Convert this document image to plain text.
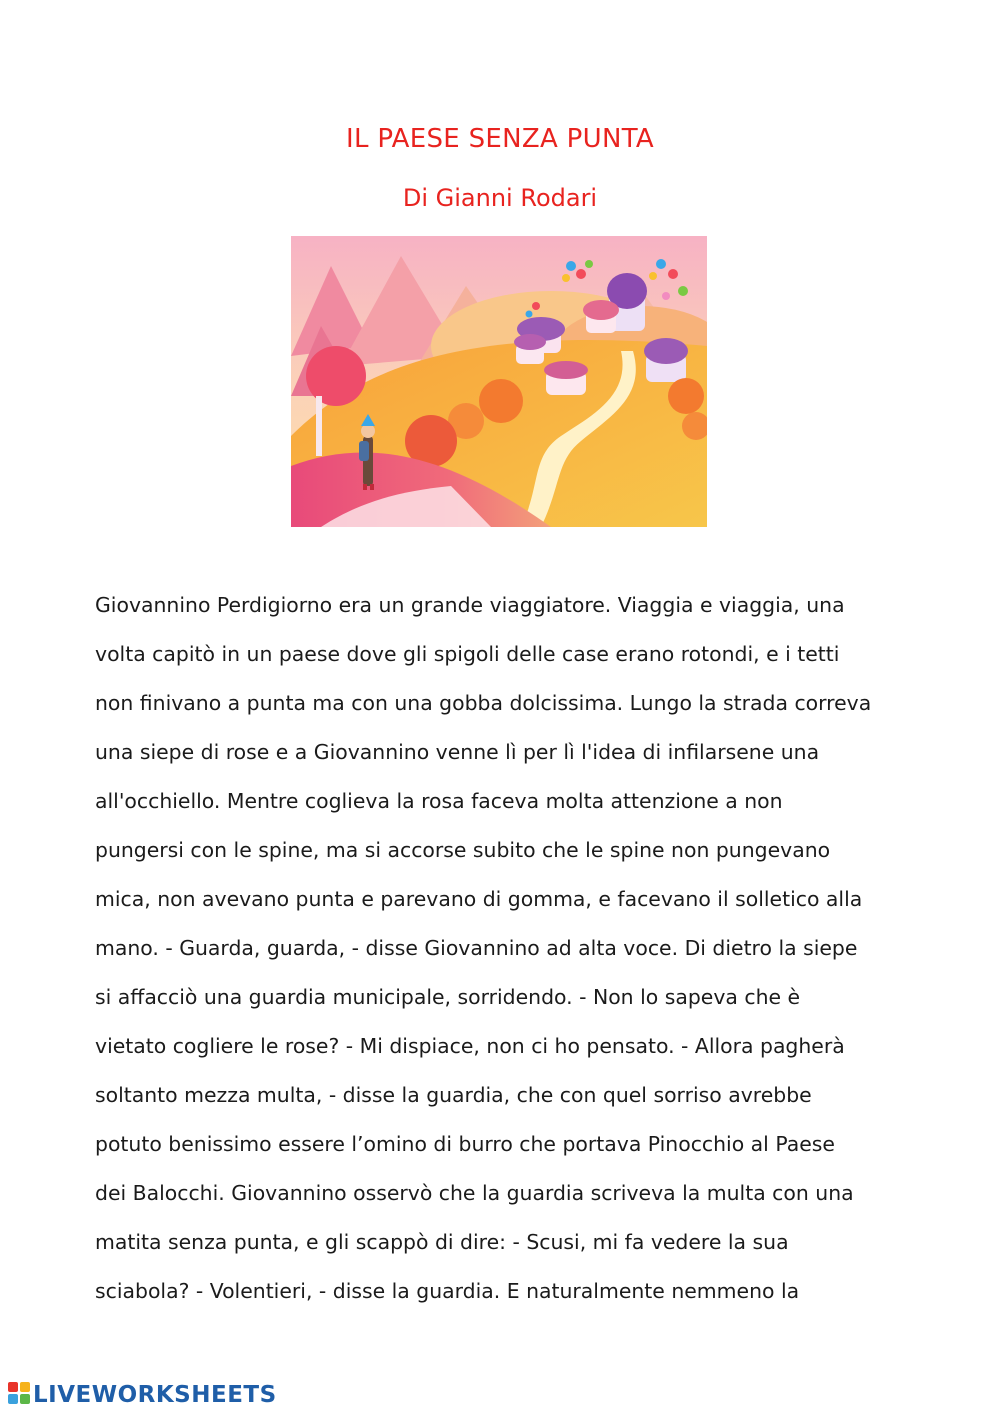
IL PAESE SENZA PUNTA
Di Gianni Rodari
Giovannino Perdigiorno era un grande viaggiatore. Viaggia e viaggia, una
volta capitò in un paese dove gli spigoli delle case erano rotondi, e i tetti
non finivano a punta ma con una gobba dolcissima. Lungo la strada correva
una siepe di rose e a Giovannino venne lì per lì l'idea di infilarsene una
all'occhiello. Mentre coglieva la rosa faceva molta attenzione a non
pungersi con le spine, ma si accorse subito che le spine non pungevano
mica, non avevano punta e parevano di gomma, e facevano il solletico alla
mano. - Guarda, guarda, - disse Giovannino ad alta voce. Di dietro la siepe
si affacciò una guardia municipale, sorridendo. - Non lo sapeva che è
vietato cogliere le rose? - Mi dispiace, non ci ho pensato. - Allora pagherà
soltanto mezza multa, - disse la guardia, che con quel sorriso avrebbe
potuto benissimo essere l’omino di burro che portava Pinocchio al Paese
dei Balocchi. Giovannino osservò che la guardia scriveva la multa con una
matita senza punta, e gli scappò di dire: - Scusi, mi fa vedere la sua
sciabola? - Volentieri, - disse la guardia. E naturalmente nemmeno la
LIVEWORKSHEETS
